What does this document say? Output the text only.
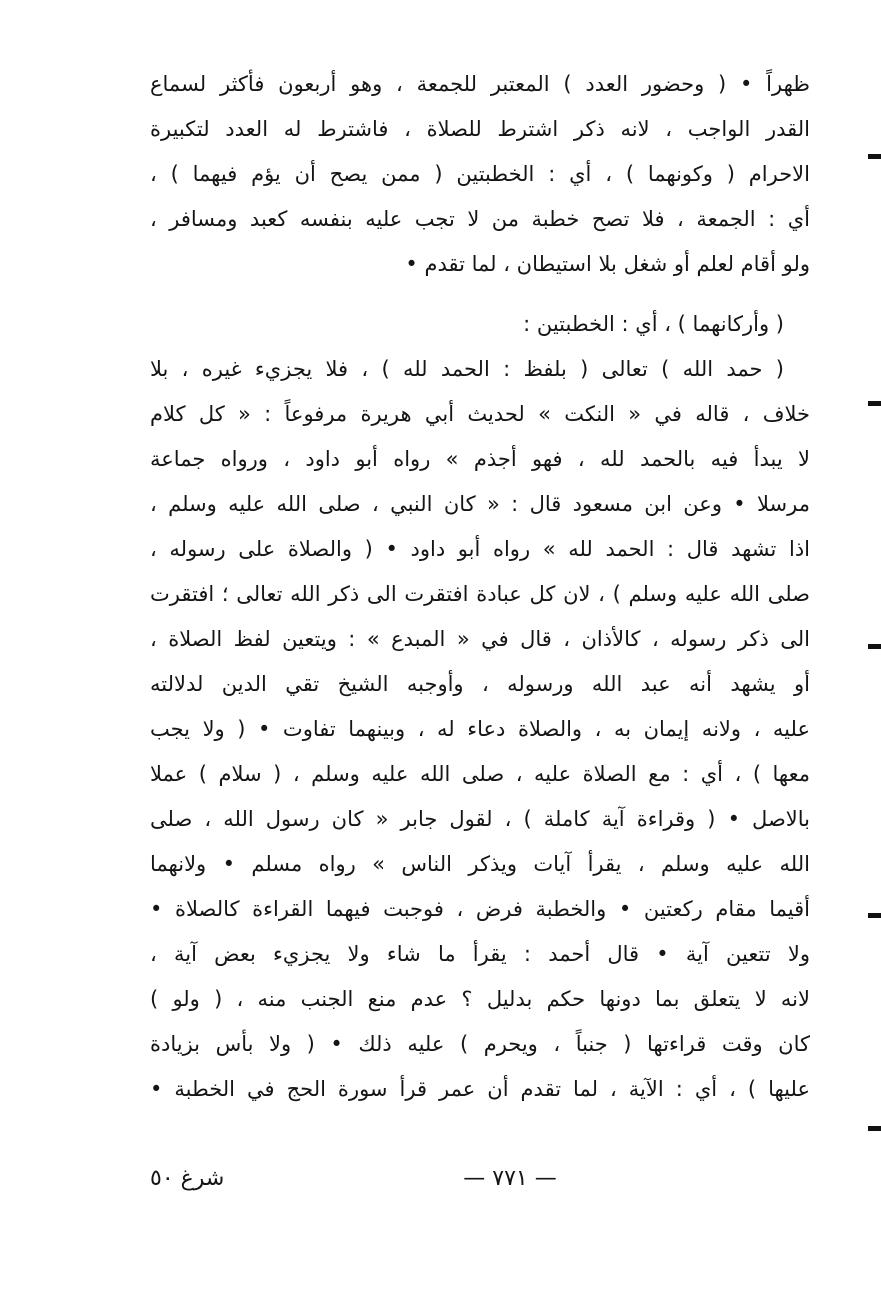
ظهراً • ( وحضور العدد ) المعتبر للجمعة ، وهو أربعون فأكثر لسماع
القدر الواجب ، لانه ذكر اشترط للصلاة ، فاشترط له العدد لتكبيرة
الاحرام ( وكونهما ) ، أي : الخطبتين ( ممن يصح أن يؤم فيهما ) ،
أي : الجمعة ، فلا تصح خطبة من لا تجب عليه بنفسه كعبد ومسافر ،
ولو أقام لعلم أو شغل بلا استيطان ، لما تقدم •
( وأركانهما ) ، أي : الخطبتين :
( حمد الله ) تعالى ( بلفظ : الحمد لله ) ، فلا يجزيء غيره ، بلا
خلاف ، قاله في « النكت » لحديث أبي هريرة مرفوعاً : « كل كلام
لا يبدأ فيه بالحمد لله ، فهو أجذم » رواه أبو داود ، ورواه جماعة
مرسلا • وعن ابن مسعود قال : « كان النبي ، صلى الله عليه وسلم ،
اذا تشهد قال : الحمد لله » رواه أبو داود • ( والصلاة على رسوله ،
صلى الله عليه وسلم ) ، لان كل عبادة افتقرت الى ذكر الله تعالى ؛ افتقرت
الى ذكر رسوله ، كالأذان ، قال في « المبدع » : ويتعين لفظ الصلاة ،
أو يشهد أنه عبد الله ورسوله ، وأوجبه الشيخ تقي الدين لدلالته
عليه ، ولانه إيمان به ، والصلاة دعاء له ، وبينهما تفاوت • ( ولا يجب
معها ) ، أي : مع الصلاة عليه ، صلى الله عليه وسلم ، ( سلام ) عملا
بالاصل • ( وقراءة آية كاملة ) ، لقول جابر « كان رسول الله ، صلى
الله عليه وسلم ، يقرأ آيات ويذكر الناس » رواه مسلم • ولانهما
أقيما مقام ركعتين • والخطبة فرض ، فوجبت فيهما القراءة كالصلاة •
ولا تتعين آية • قال أحمد : يقرأ ما شاء ولا يجزيء بعض آية ،
لانه لا يتعلق بما دونها حكم بدليل ؟ عدم منع الجنب منه ، ( ولو )
كان وقت قراءتها ( جنباً ، ويحرم ) عليه ذلك • ( ولا بأس بزيادة
عليها ) ، أي : الآية ، لما تقدم أن عمر قرأ سورة الحج في الخطبة •
شرغ ٥٠	— ٧٧١ —
